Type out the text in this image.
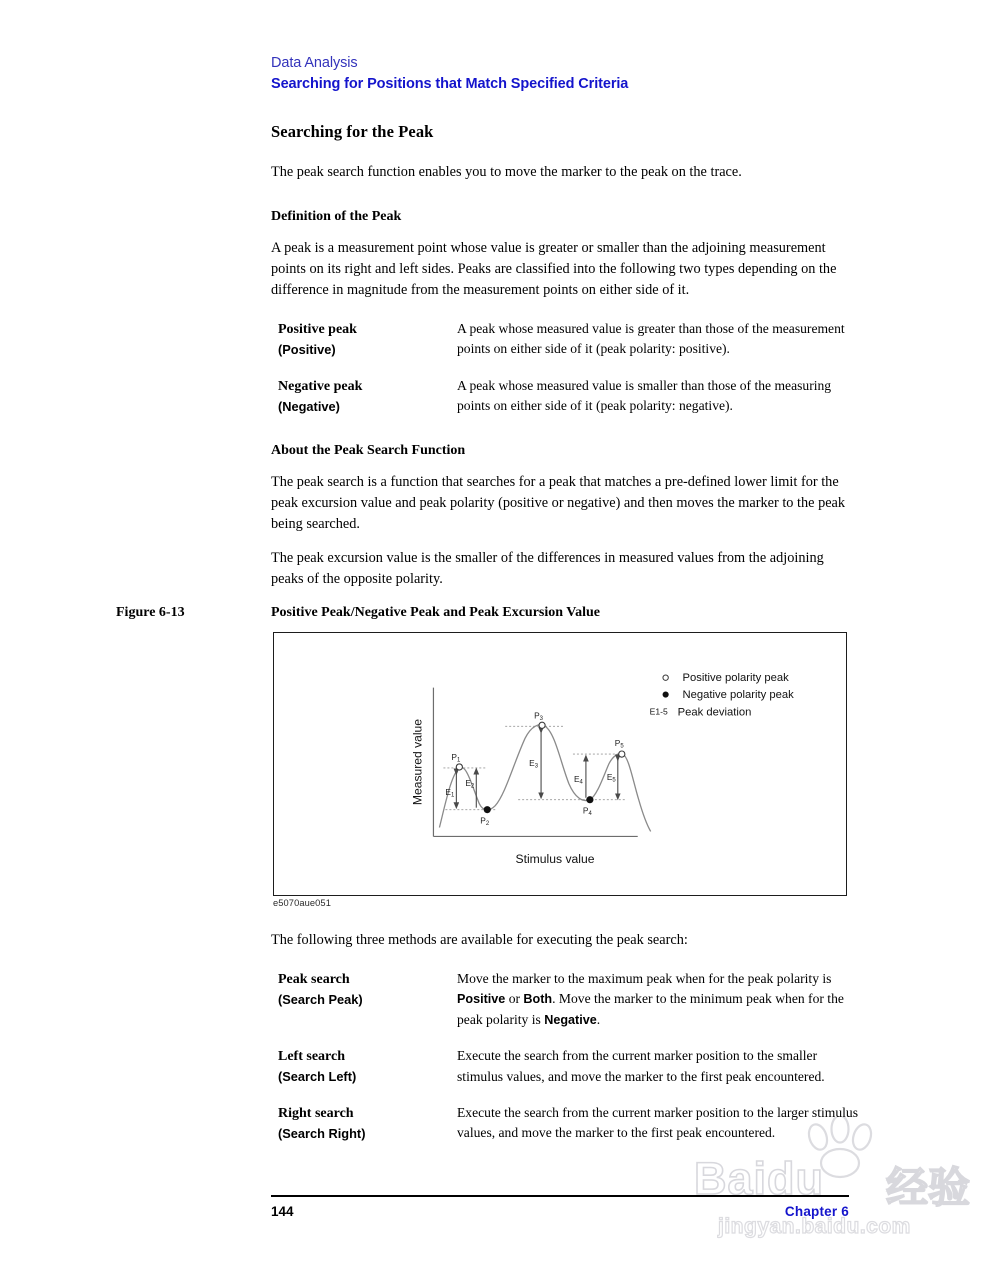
Data Analysis
Searching for Positions that Match Specified Criteria
Searching for the Peak

The peak search function enables you to move the marker to the peak on the trace.

Definition of the Peak

A peak is a measurement point whose value is greater or smaller than the adjoining measurement points on its right and left sides. Peaks are classified into the following two types depending on the difference in magnitude from the measurement points on either side of it.

Positive peak
(Positive)
A peak whose measured value is greater than those of the measurement points on either side of it (peak polarity: positive).
Negative peak
(Negative)
A peak whose measured value is smaller than those of the measuring points on either side of it (peak polarity: negative).
About the Peak Search Function

The peak search is a function that searches for a peak that matches a pre-defined lower limit for the peak excursion value and peak polarity (positive or negative) and then moves the marker to the peak being searched.

The peak excursion value is the smaller of the differences in measured values from the adjoining peaks of the opposite polarity.

Figure 6-13	Positive Peak/Negative Peak and Peak Excursion Value
P1
P2
P3
P4
P5
E1
E2
E3
E4
E5
Measured value
Stimulus value
Positive polarity peak
Negative polarity peak
E1-5 Peak deviation
e5070aue051

The following three methods are available for executing the peak search:

Peak search
(Search Peak)
Move the marker to the maximum peak when for the peak polarity is Positive or Both. Move the marker to the minimum peak when for the peak polarity is Negative.
Left search
(Search Left)
Execute the search from the current marker position to the smaller stimulus values, and move the marker to the first peak encountered.
Right search
(Search Right)
Execute the search from the current marker position to the larger stimulus values, and move the marker to the first peak encountered.
Baidu 经验
jingyan.baidu.com
144	Chapter 6
